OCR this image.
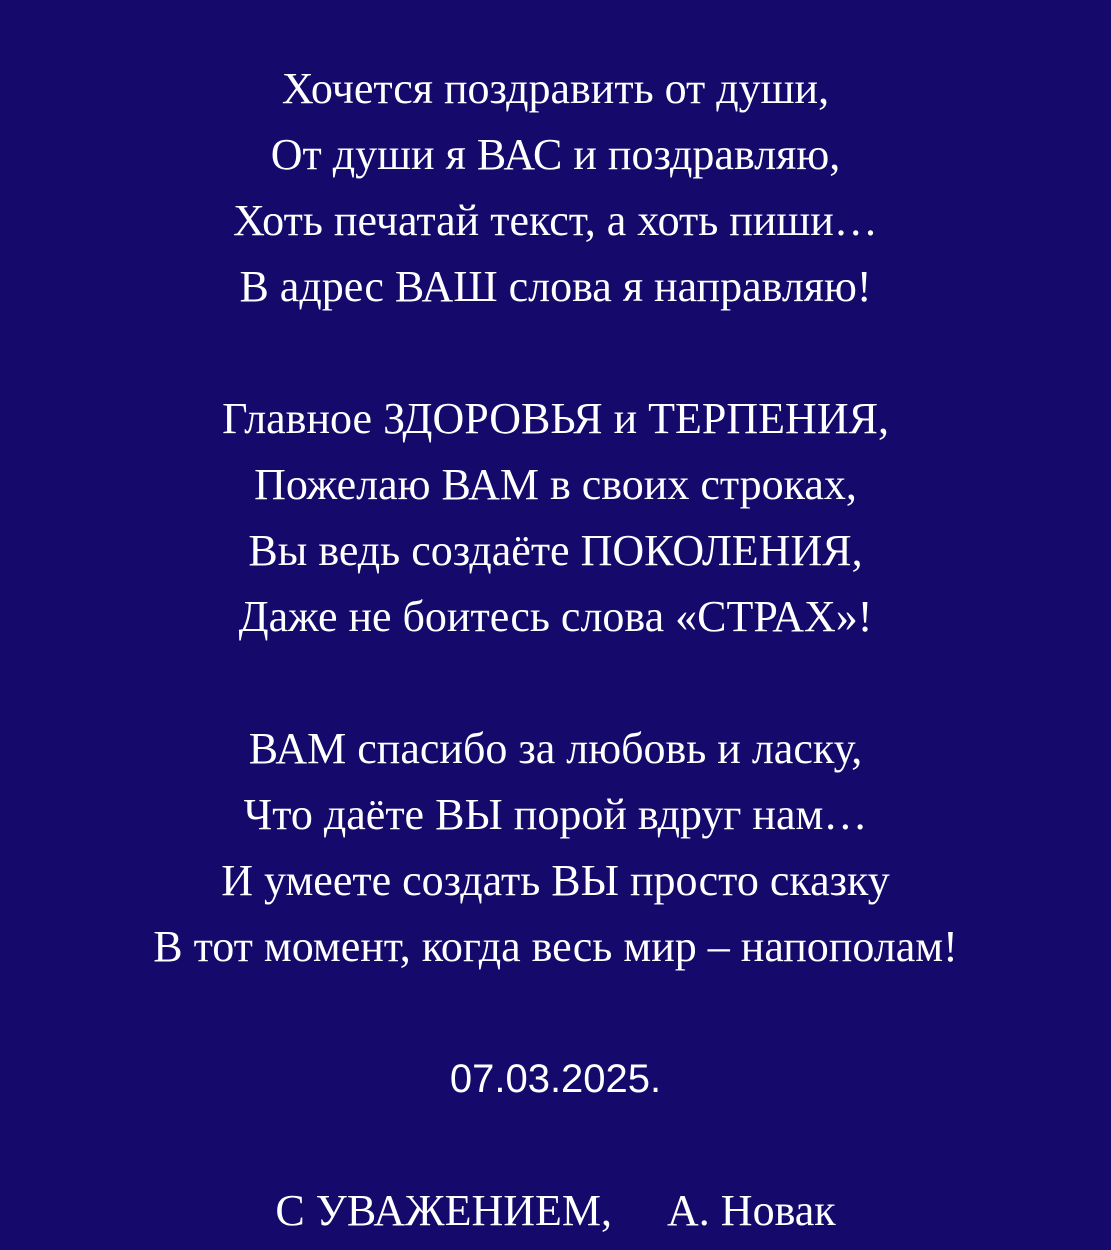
Хочется поздравить от души,
От души я ВАС и поздравляю,
Хоть печатай текст, а хоть пиши…
В адрес ВАШ слова я направляю!
Главное ЗДОРОВЬЯ и ТЕРПЕНИЯ,
Пожелаю ВАМ в своих строках,
Вы ведь создаёте ПОКОЛЕНИЯ,
Даже не боитесь слова «СТРАХ»!
ВАМ спасибо за любовь и ласку,
Что даёте ВЫ порой вдруг нам…
И умеете создать ВЫ просто сказку
В тот момент, когда весь мир – напополам!
07.03.2025.
С УВАЖЕНИЕМ, А. Новак
